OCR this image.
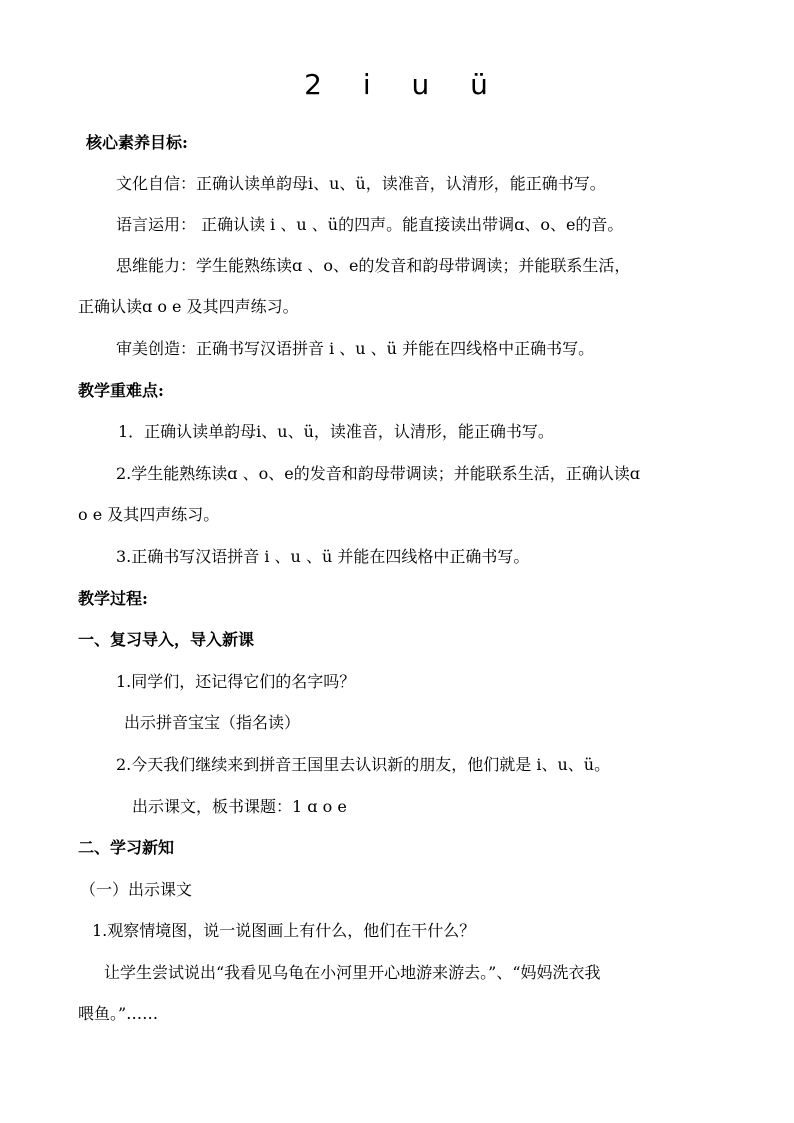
2 i u ü
核心素养目标:
文化自信：正确认读单韵母i、u、ü，读准音，认清形，能正确书写。
语言运用： 正确认读 i 、u 、ü的四声。能直接读出带调ɑ、o、e的音。
思维能力：学生能熟练读ɑ 、o、e的发音和韵母带调读；并能联系生活，
正确认读ɑ o e 及其四声练习。
审美创造：正确书写汉语拼音 i 、u 、ü 并能在四线格中正确书写。
教学重难点:
1．正确认读单韵母i、u、ü，读准音，认清形，能正确书写。
2.学生能熟练读ɑ 、o、e的发音和韵母带调读；并能联系生活，正确认读ɑ
o e 及其四声练习。
3.正确书写汉语拼音 i 、u 、ü 并能在四线格中正确书写。
教学过程:
一、复习导入，导入新课
1.同学们，还记得它们的名字吗？
出示拼音宝宝（指名读）
2.今天我们继续来到拼音王国里去认识新的朋友，他们就是 i、u、ü。
出示课文，板书课题：1 ɑ o e
二、学习新知
（一）出示课文
1.观察情境图，说一说图画上有什么，他们在干什么？
让学生尝试说出“我看见乌龟在小河里开心地游来游去。”、“妈妈洗衣我
喂鱼。”……
